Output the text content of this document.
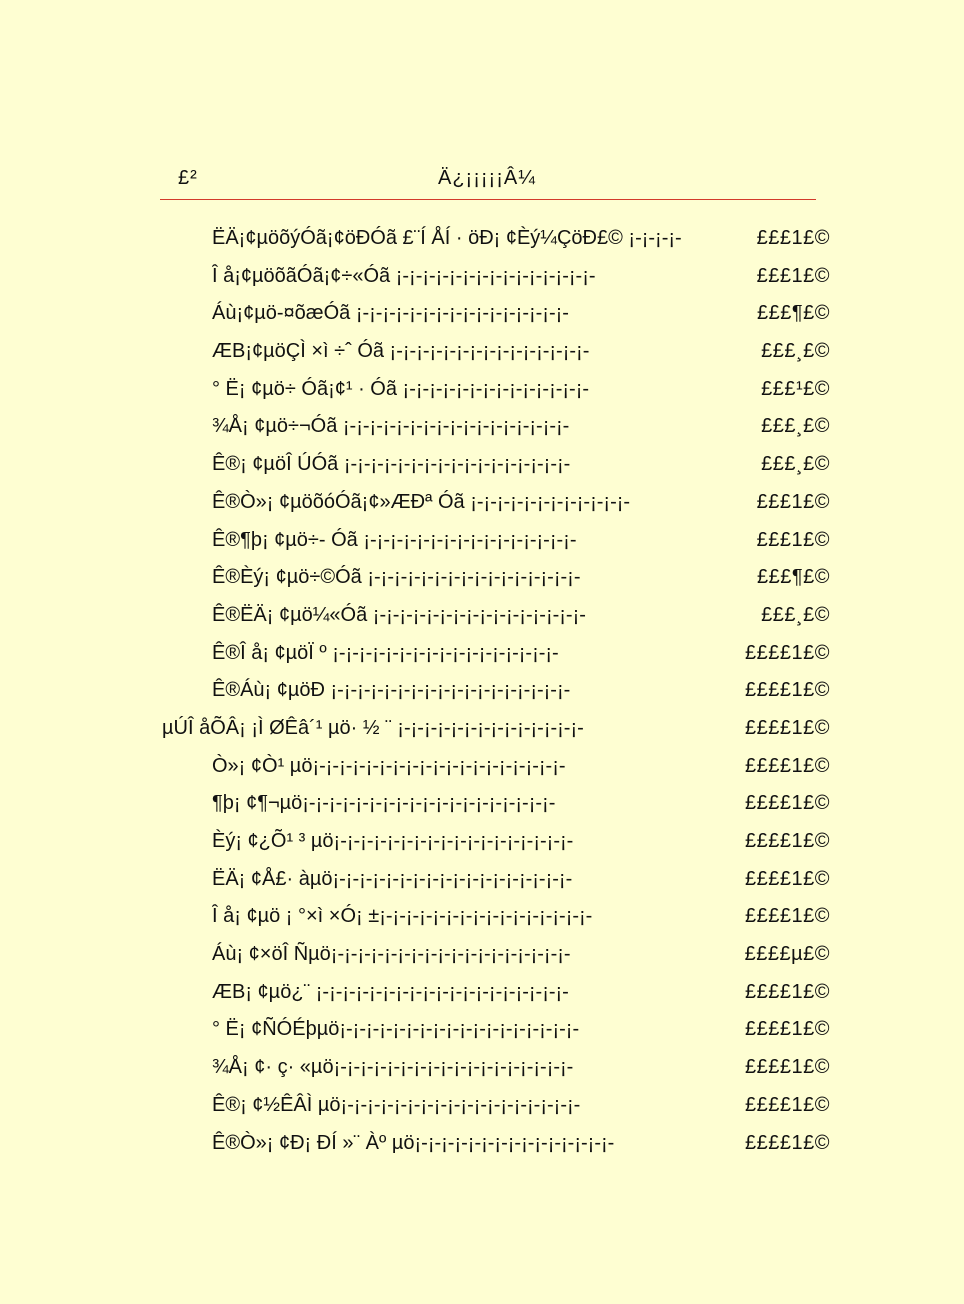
£²	Ä¿¡¡¡¡¡Â¼
ËÄ¡¢µöõýÓã¡¢öÐÓã £¨Í ÅÍ · öÐ¡ ¢Èý¼ÇöÐ£© ¡-¡-¡-¡-	£££1£©
Î å¡¢µöõãÓã¡¢÷«Óã ¡-¡-¡-¡-¡-¡-¡-¡-¡-¡-¡-¡-¡-¡-¡-	£££1£©
Áù¡¢µö-¤õæÓã ¡-¡-¡-¡-¡-¡-¡-¡-¡-¡-¡-¡-¡-¡-¡-¡-	£££¶£©
ÆB¡¢µöÇÌ ×ì ÷ˆ Óã ¡-¡-¡-¡-¡-¡-¡-¡-¡-¡-¡-¡-¡-¡-¡-	£££¸£©
° Ë¡ ¢µö÷ Óã¡¢¹ · Óã ¡-¡-¡-¡-¡-¡-¡-¡-¡-¡-¡-¡-¡-¡-	£££¹£©
¾Å¡ ¢µö÷¬Óã ¡-¡-¡-¡-¡-¡-¡-¡-¡-¡-¡-¡-¡-¡-¡-¡-¡-	£££¸£©
Ê®¡ ¢µöÎ ÚÓã ¡-¡-¡-¡-¡-¡-¡-¡-¡-¡-¡-¡-¡-¡-¡-¡-¡-	£££¸£©
Ê®Ò»¡ ¢µöõóÓã¡¢»ÆÐª Óã ¡-¡-¡-¡-¡-¡-¡-¡-¡-¡-¡-¡-	£££1£©
Ê®¶þ¡ ¢µö÷- Óã ¡-¡-¡-¡-¡-¡-¡-¡-¡-¡-¡-¡-¡-¡-¡-¡-	£££1£©
Ê®Èý¡ ¢µö÷©Óã ¡-¡-¡-¡-¡-¡-¡-¡-¡-¡-¡-¡-¡-¡-¡-¡-	£££¶£©
Ê®ËÄ¡ ¢µö¼«Óã ¡-¡-¡-¡-¡-¡-¡-¡-¡-¡-¡-¡-¡-¡-¡-¡-	£££¸£©
Ê®Î å¡ ¢µöÏ º ¡-¡-¡-¡-¡-¡-¡-¡-¡-¡-¡-¡-¡-¡-¡-¡-¡-	££££1£©
Ê®Áù¡ ¢µöÐ ¡-¡-¡-¡-¡-¡-¡-¡-¡-¡-¡-¡-¡-¡-¡-¡-¡-¡-	££££1£©
µÚÎ åÕÂ¡ ¡Ì ØÊâ´¹ µö· ½ ¨ ¡-¡-¡-¡-¡-¡-¡-¡-¡-¡-¡-¡-¡-¡-	££££1£©
Ò»¡ ¢Ò¹ µö¡-¡-¡-¡-¡-¡-¡-¡-¡-¡-¡-¡-¡-¡-¡-¡-¡-¡-¡-	££££1£©
¶þ¡ ¢¶¬µö¡-¡-¡-¡-¡-¡-¡-¡-¡-¡-¡-¡-¡-¡-¡-¡-¡-¡-¡-	££££1£©
Èý¡ ¢¿Õ¹ ³ µö¡-¡-¡-¡-¡-¡-¡-¡-¡-¡-¡-¡-¡-¡-¡-¡-¡-¡-	££££1£©
ËÄ¡ ¢Å£· àµö¡-¡-¡-¡-¡-¡-¡-¡-¡-¡-¡-¡-¡-¡-¡-¡-¡-¡-	££££1£©
Î å¡ ¢µö ¡ °×ì ×Ó¡ ±¡-¡-¡-¡-¡-¡-¡-¡-¡-¡-¡-¡-¡-¡-¡-¡-	££££1£©
Áù¡ ¢×öÎ Ñµö¡-¡-¡-¡-¡-¡-¡-¡-¡-¡-¡-¡-¡-¡-¡-¡-¡-¡-	££££µ£©
ÆB¡ ¢µö¿¨ ¡-¡-¡-¡-¡-¡-¡-¡-¡-¡-¡-¡-¡-¡-¡-¡-¡-¡-¡-	££££1£©
° Ë¡ ¢ÑÓÉþµö¡-¡-¡-¡-¡-¡-¡-¡-¡-¡-¡-¡-¡-¡-¡-¡-¡-¡-	££££1£©
¾Å¡ ¢· ç· «µö¡-¡-¡-¡-¡-¡-¡-¡-¡-¡-¡-¡-¡-¡-¡-¡-¡-¡-	££££1£©
Ê®¡ ¢½ÊÂÌ µö¡-¡-¡-¡-¡-¡-¡-¡-¡-¡-¡-¡-¡-¡-¡-¡-¡-¡-	££££1£©
Ê®Ò»¡ ¢Ð¡ ÐÍ »¨ Àº µö¡-¡-¡-¡-¡-¡-¡-¡-¡-¡-¡-¡-¡-¡-¡-	££££1£©
